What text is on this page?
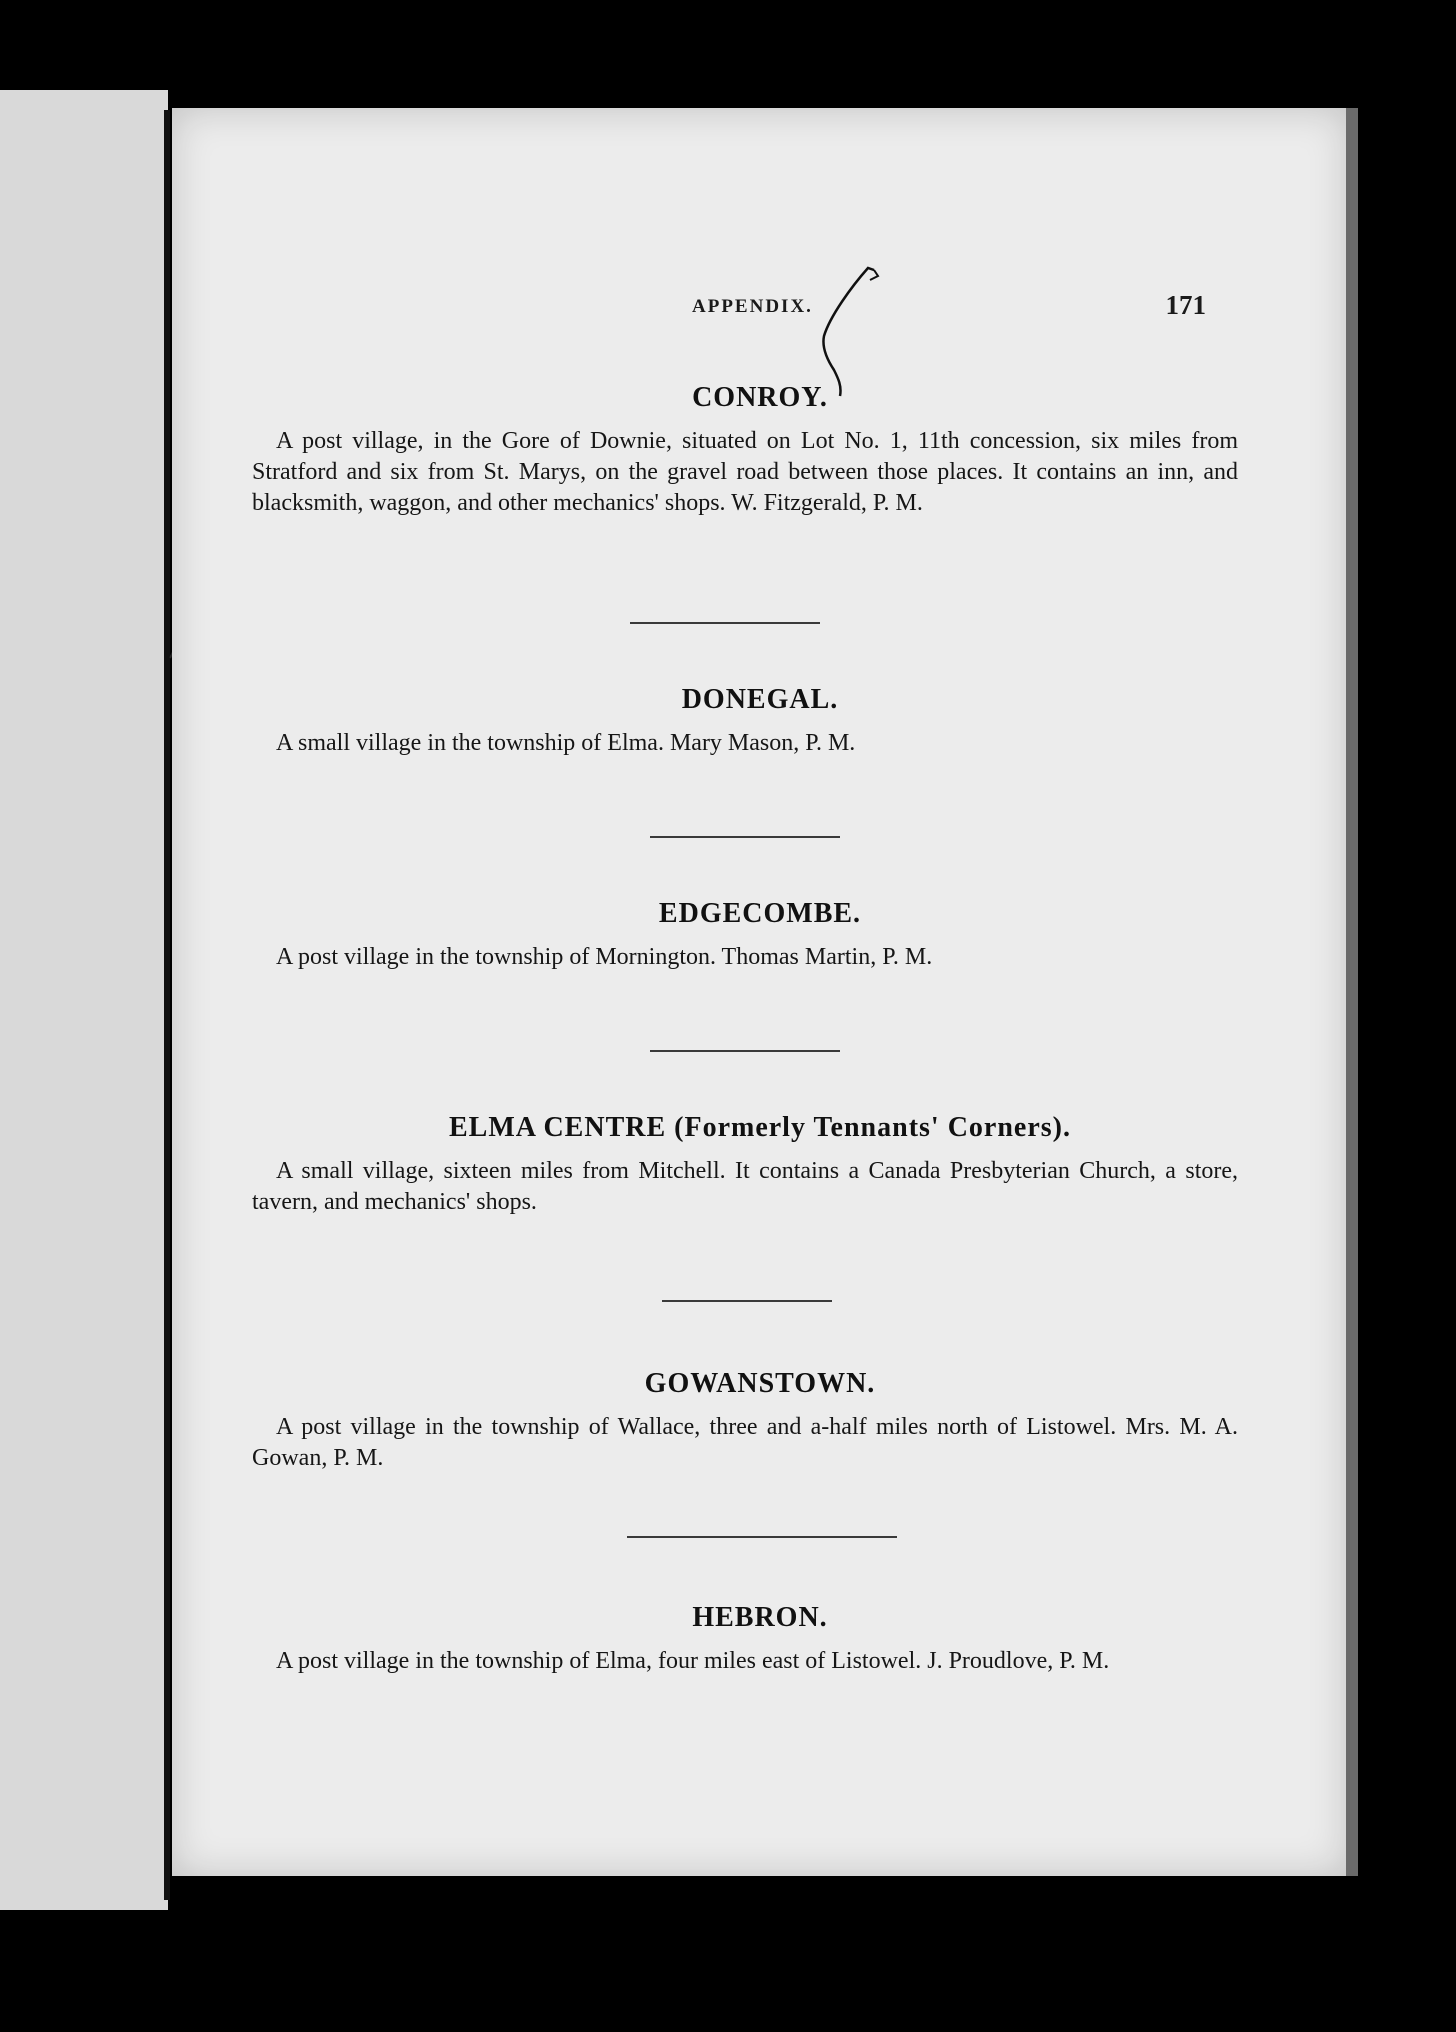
APPENDIX.	171
CONROY.

A post village, in the Gore of Downie, situated on Lot No. 1, 11th concession, six miles from Stratford and six from St. Marys, on the gravel road between those places. It contains an inn, and blacksmith, waggon, and other mechanics' shops. W. Fitzgerald, P. M.

DONEGAL.

A small village in the township of Elma. Mary Mason, P. M.

EDGECOMBE.

A post village in the township of Mornington. Thomas Martin, P. M.

ELMA CENTRE (Formerly Tennants' Corners).

A small village, sixteen miles from Mitchell. It contains a Canada Presbyterian Church, a store, tavern, and mechanics' shops.

GOWANSTOWN.

A post village in the township of Wallace, three and a-half miles north of Listowel. Mrs. M. A. Gowan, P. M.

HEBRON.

A post village in the township of Elma, four miles east of Listowel. J. Proudlove, P. M.
